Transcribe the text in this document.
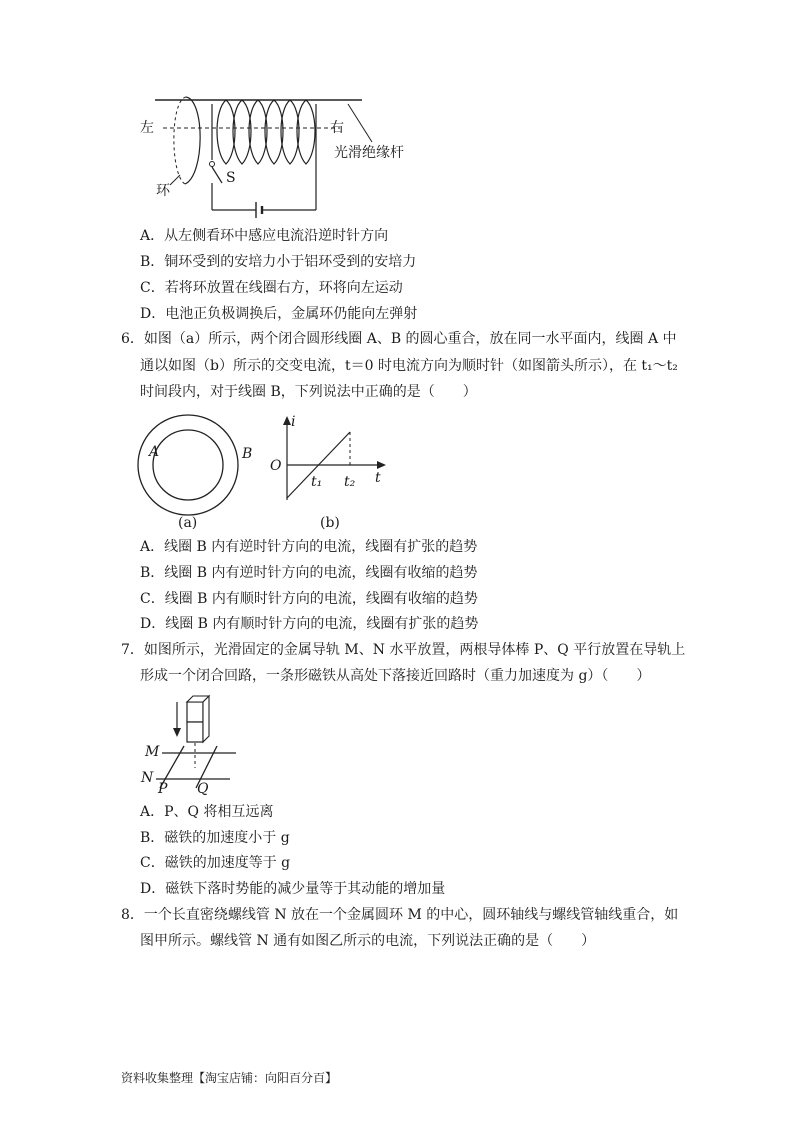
左	右
光滑绝缘杆
环
S
A．从左侧看环中感应电流沿逆时针方向
B．铜环受到的安培力小于铝环受到的安培力
C．若将环放置在线圈右方，环将向左运动
D．电池正负极调换后，金属环仍能向左弹射
6．如图（a）所示，两个闭合圆形线圈 A、B 的圆心重合，放在同一水平面内，线圈 A 中
通以如图（b）所示的交变电流，t＝0 时电流方向为顺时针（如图箭头所示），在 t₁～t₂
时间段内，对于线圈 B，下列说法中正确的是（　　）
A	B
(a)	(b)
i
t
O
t₁ t₂
A．线圈 B 内有逆时针方向的电流，线圈有扩张的趋势
B．线圈 B 内有逆时针方向的电流，线圈有收缩的趋势
C．线圈 B 内有顺时针方向的电流，线圈有收缩的趋势
D．线圈 B 内有顺时针方向的电流，线圈有扩张的趋势
7．如图所示，光滑固定的金属导轨 M、N 水平放置，两根导体棒 P、Q 平行放置在导轨上
形成一个闭合回路，一条形磁铁从高处下落接近回路时（重力加速度为 g）（　　）
M
N
P Q
A．P、Q 将相互远离
B．磁铁的加速度小于 g
C．磁铁的加速度等于 g
D．磁铁下落时势能的减少量等于其动能的增加量
8．一个长直密绕螺线管 N 放在一个金属圆环 M 的中心，圆环轴线与螺线管轴线重合，如
图甲所示。螺线管 N 通有如图乙所示的电流，下列说法正确的是（　　）
资料收集整理【淘宝店铺：向阳百分百】
